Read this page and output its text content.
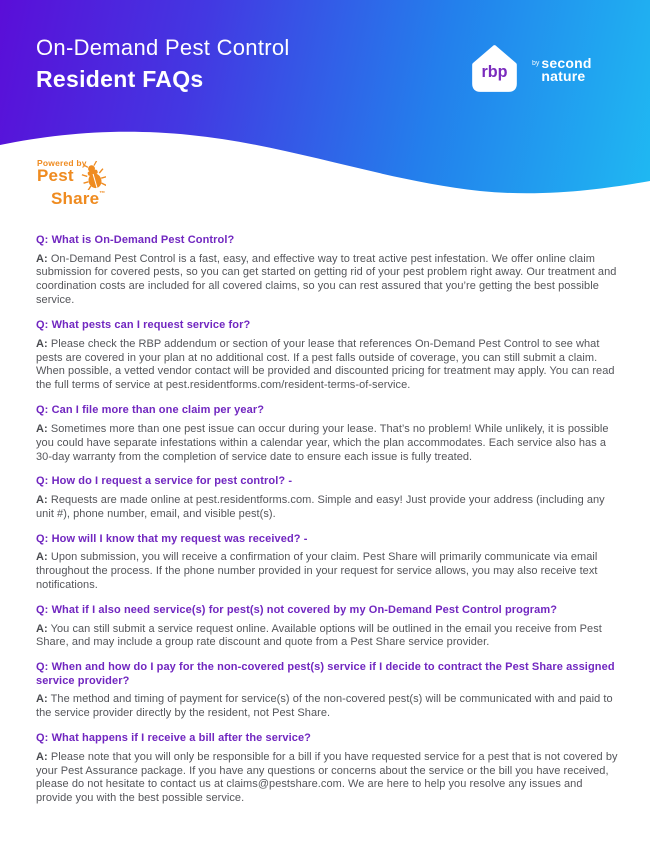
On-Demand Pest Control
Resident FAQs	rbp
by second
nature
Powered by
Pest
Share ™
Q: What is On-Demand Pest Control?

A: On-Demand Pest Control is a fast, easy, and effective way to treat active pest infestation. We offer online claim submission for covered pests, so you can get started on getting rid of your pest problem right away. Our treatment and coordination costs are included for all covered claims, so you can rest assured that you’re getting the best possible service.

Q: What pests can I request service for?

A: Please check the RBP addendum or section of your lease that references On-Demand Pest Control to see what pests are covered in your plan at no additional cost. If a pest falls outside of coverage, you can still submit a claim. When possible, a vetted vendor contact will be provided and discounted pricing for treatment may apply. You can read the full terms of service at pest.residentforms.com/resident-terms-of-service.

Q: Can I file more than one claim per year?

A: Sometimes more than one pest issue can occur during your lease. That’s no problem! While unlikely, it is possible you could have separate infestations within a calendar year, which the plan accommodates. Each service also has a 30-day warranty from the completion of service date to ensure each issue is fully treated.

Q: How do I request a service for pest control? -

A: Requests are made online at pest.residentforms.com. Simple and easy! Just provide your address (including any unit #), phone number, email, and visible pest(s).

Q: How will I know that my request was received? -

A: Upon submission, you will receive a confirmation of your claim. Pest Share will primarily communicate via email throughout the process. If the phone number provided in your request for service allows, you may also receive text notifications.

Q: What if I also need service(s) for pest(s) not covered by my On-Demand Pest Control program?

A: You can still submit a service request online. Available options will be outlined in the email you receive from Pest Share, and may include a group rate discount and quote from a Pest Share service provider.

Q: When and how do I pay for the non-covered pest(s) service if I decide to contract the Pest Share assigned service provider?

A: The method and timing of payment for service(s) of the non-covered pest(s) will be communicated with and paid to the service provider directly by the resident, not Pest Share.

Q: What happens if I receive a bill after the service?

A: Please note that you will only be responsible for a bill if you have requested service for a pest that is not covered by your Pest Assurance package. If you have any questions or concerns about the service or the bill you have received, please do not hesitate to contact us at claims@pestshare.com. We are here to help you resolve any issues and provide you with the best possible service.
